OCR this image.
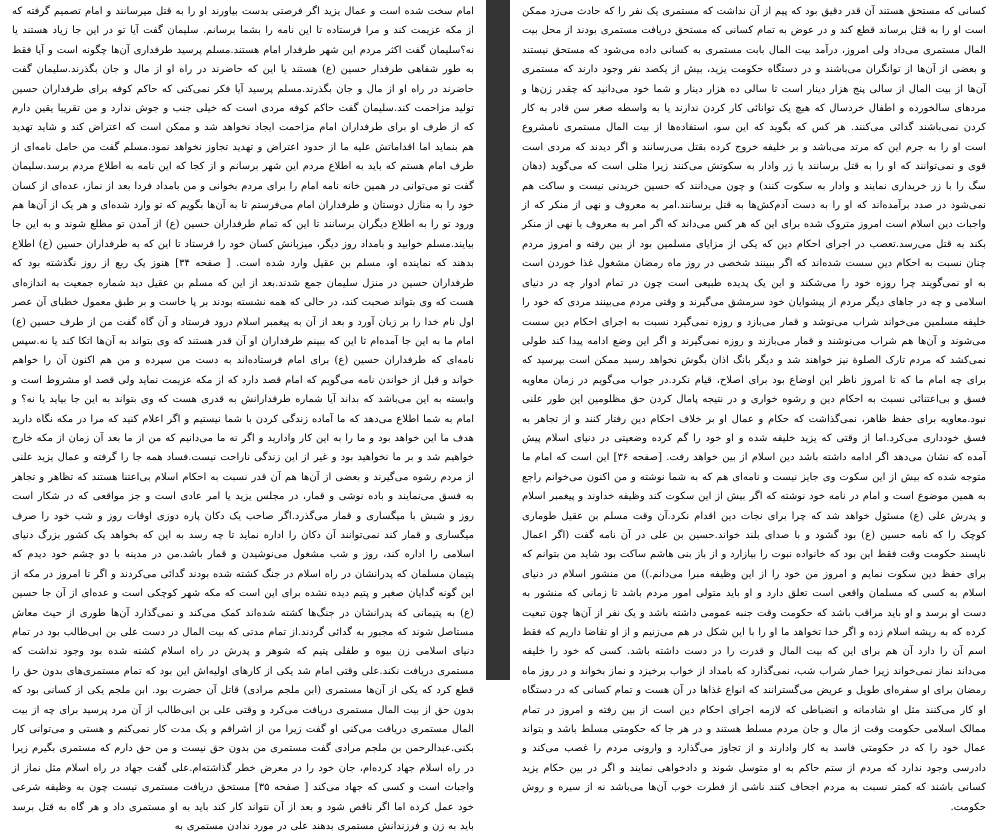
امام سخت شده است و عمال یزید اگر فرصتی بدست بیاورند او را به قتل میرسانند و امام تصمیم گرفته که از مکه عزیمت کند و مرا فرستاده تا این نامه را بشما برسانم. سلیمان گفت آیا تو در این جا زیاد هستند یا نه؟سلیمان گفت اکثر مردم این شهر طرفدار امام هستند.مسلم پرسید طرفداری آن‌ها چگونه است و آیا فقط به طور شفاهی طرفدار حسین (ع) هستند یا این که حاضرند در راه او از مال و جان بگذرند.سلیمان گفت حاضرند در راه او از مال و جان بگذرند.مسلم پرسید آیا فکر نمی‌کنی که حاکم کوفه برای طرفداران حسین تولید مزاحمت کند.سلیمان گفت حاکم کوفه مردی است که خیلی جنب و جوش ندارد و من تقریبا یقین دارم که از طرف او برای طرفداران امام مزاحمت ایجاد نخواهد شد و ممکن است که اعتراض کند و شاید تهدید هم بنماید اما اقداماتش علیه ما از حدود اعتراض و تهدید تجاوز نخواهد نمود.مسلم گفت من حامل نامه‌ای از طرف امام هستم که باید به اطلاع مردم این شهر برسانم و از کجا که این نامه به اطلاع مردم برسد.سلیمان گفت تو می‌توانی در همین خانه نامه امام را برای مردم بخوانی و من بامداد فردا بعد از نماز، عده‌ای از کسان خود را به منازل دوستان و طرفداران امام می‌فرستم تا به آن‌ها بگویم که تو وارد شده‌ای و هر یک از آن‌ها هم ورود تو را به اطلاع دیگران برسانند تا این که تمام طرفداران حسین (ع) از آمدن تو مطلع شوند و به این جا بیایند.مسلم خوابید و بامداد روز دیگر، میزبانش کسان خود را فرستاد تا این که به طرفداران حسین (ع) اطلاع بدهند که نماینده او، مسلم بن عقیل وارد شده است. [ صفحه ۳۴] هنوز یک ربع از روز نگذشته بود که طرفداران حسین در منزل سلیمان جمع شدند.بعد از این که مسلم بن عقیل دید شماره جمعیت به اندازه‌ای هست که وی بتواند صحبت کند، در حالی که همه نشسته بودند بر پا خاست و بر طبق معمول خطبای آن عصر اول نام خدا را بر زبان آورد و بعد از آن به پیغمبر اسلام درود فرستاد و آن گاه گفت من از طرف حسین (ع) امام ما به این جا آمده‌ام تا این که ببینم طرفداران او آن قدر هستند که وی بتواند به آن‌ها اتکا کند یا نه.سپس نامه‌ای که طرفداران حسین (ع) برای امام فرستاده‌اند به دست من سپرده و من هم اکنون آن را خواهم خواند و قبل از خواندن نامه می‌گویم که امام قصد دارد که از مکه عزیمت نماید ولی قصد او مشروط است و وابسته به این می‌باشد که بداند آیا شماره طرفدارانش به قدری هست که وی بتواند به این جا بیاید یا نه؟ و امام به شما اطلاع می‌دهد که ما آماده زندگی کردن با شما نیستیم و اگر اعلام کنید که مرا در مکه نگاه دارید هدف ما این خواهد بود و ما را به این کار وادارید و اگر نه ما می‌دانیم که من از ما بعد آن زمان از مکه خارج خواهیم شد و بر ما نخواهید بود و غیر از این زندگی ناراحت نیست.فساد همه جا را گرفته و عمال یزید علنی از مردم رشوه می‌گیرند و بعضی از آن‌ها هم آن قدر نسبت به احکام اسلام بی‌اعتنا هستند که تظاهر و تجاهر به فسق می‌نمایند و باده نوشی و قمار، در مجلس یزید یا امر عادی است و جز مواقعی که در شکار است روز و شبش با میگساری و قمار می‌گذرد.اگر صاحب یک دکان پاره دوزی اوقات روز و شب خود را صرف میگساری و قمار کند نمی‌توانند آن دکان را اداره نماید تا چه رسد به این که بخواهد یک کشور بزرگ دنیای اسلامی را اداره کند، روز و شب مشغول می‌نوشیدن و قمار باشد.من در مدینه با دو چشم خود دیدم که پتیمان مسلمان که پدرانشان در راه اسلام در جنگ کشته شده بودند گدائی می‌کردند و اگر تا امروز در مکه از این گونه گدایان صغیر و پتیم دیده نشده برای این است که مکه شهر کوچکی است و عده‌ای از آن جا حسین (ع) به پتیمانی که پدرانشان در جنگ‌ها کشته شده‌اند کمک می‌کند و نمی‌گذارد آن‌ها طوری از حیث معاش مستاصل شوند که مجبور به گدائی گردند.از تمام مدتی که بیت المال در دست علی بن ابی‌طالب بود در تمام دنیای اسلامی زن بیوه و طفلی پتیم که شوهر و پدرش در راه اسلام کشته شده بود وجود نداشت که مستمری دریافت نکند.علی وقتی امام شد یکی از کارهای اولیه‌اش این بود که تمام مستمری‌های بدون حق را قطع کرد که یکی از آن‌ها مستمری (ابن ملجم مرادی) قاتل آن حضرت بود. ابن ملجم یکی از کسانی بود که بدون حق از بیت المال مستمری دریافت می‌کرد و وقتی علی بن ابی‌طالب از آن مرد پرسید برای چه از بیت المال مستمری دریافت می‌کنی او گفت زیرا من از اشرافم و یک مدت کار نمی‌کنم و هستی و می‌توانی کار بکنی.عبدالرحمن بن ملجم مرادی گفت مستمری من بدون حق نیست و من حق دارم که مستمری بگیرم زیرا در راه اسلام جهاد کرده‌ام، جان خود را در معرض خطر گذاشته‌ام.علی گفت جهاد در راه اسلام مثل نماز از واجبات است و کسی که جهاد می‌کند [ صفحه ۳۵] مستحق دریافت مستمری نیست چون به وظیفه شرعی خود عمل کرده اما اگر ناقص شود و بعد از آن نتواند کار کند باید به او مستمری داد و هر گاه به قتل برسد باید به زن و فرزندانش مستمری بدهند علی در مورد ندادن مستمری به

کسانی که مستحق هستند آن قدر دقیق بود که پیم از آن نداشت که مستمری یک نفر را که حادث می‌زد ممکن است او را به قتل برساند قطع کند و در عوض به تمام کسانی که مستحق دریافت مستمری بودند از محل بیت المال مستمری می‌داد ولی امروز، درآمد بیت المال بابت مستمری به کسانی داده می‌شود که مستحق نیستند و بعضی از آن‌ها از توانگران می‌باشند و در دستگاه حکومت یزید، بیش از یکصد نفر وجود دارند که مستمری آن‌ها از بیت المال از سالی پنج هزار دینار است تا سالی ده هزار دینار و شما خود می‌دانید که چقدر زن‌ها و مردهای سالخورده و اطفال خردسال که هیچ یک توانائی کار کردن ندارند یا به واسطه صغر سن قادر به کار کردن نمی‌باشند گدائی می‌کنند. هر کس که بگوید که این سو، استفاده‌ها از بیت المال مستمری نامشروع است او را به جرم این که مرتد می‌باشد و بر خلیفه خروج کرده بقتل می‌رسانند و اگر دیدند که مردی است قوی و نمی‌توانند که او را به قتل برسانند یا زر وادار به سکوتش می‌کنند زیرا مثلی است که می‌گوید (دهان سگ را با زر خریداری نمایند و وادار به سکوت کنند) و چون می‌دانند که حسین خریدنی نیست و ساکت هم نمی‌شود در صدد برآمده‌اند که او را به دست آدم‌کش‌ها به قتل برسانند.امر به معروف و نهی از منکر که از واجبات دین اسلام است امروز متروک شده برای این که هر کس می‌داند که اگر امر به معروف یا نهی از منکر بکند به قتل می‌رسد.تعصب در اجرای احکام دین که یکی از مزایای مسلمین بود از بین رفته و امروز مردم چنان نسبت به احکام دین سست شده‌اند که اگر ببینند شخصی در روز ماه رمضان مشغول غذا خوردن است به او نمی‌گویند چرا روزه خود را می‌شکند و این یک پدیده طبیعی است چون در تمام ادوار چه در دنیای اسلامی و چه در جاهای دیگر مردم از پیشوایان خود سرمشق می‌گیرند و وقتی مردم می‌بینند مردی که خود را خلیفه مسلمین می‌خواند شراب می‌نوشد و قمار می‌بازد و روزه نمی‌گیرد نسبت به اجرای احکام دین سست می‌شوند و آن‌ها هم شراب می‌نوشند و قمار می‌بازند و روزه نمی‌گیرند و اگر این وضع ادامه پیدا کند طولی نمی‌کشد که مردم تارک الصلوة نیز خواهند شد و دیگر بانگ اذان بگوش نخواهد رسید ممکن است بپرسید که برای چه امام ما که تا امروز ناظر این اوضاع بود برای اصلاح، قیام نکرد.در جواب می‌گویم در زمان معاویه فسق و بی‌اعتنائی نسبت به احکام دین و رشوه خواری و در نتیجه پامال کردن حق مظلومین این طور علنی نبود.معاویه برای حفظ ظاهر، نمی‌گذاشت که حکام و عمال او بر خلاف احکام دین رفتار کنند و از تجاهر به فسق خودداری می‌کرد.اما از وقتی که یزید خلیفه شده و او خود را گم کرده وضعیتی در دنیای اسلام پیش آمده که نشان می‌دهد اگر ادامه داشته باشد دین اسلام از بین خواهد رفت. [صفحه ۳۶] این است که امام ما متوجه شده که بیش از این سکوت وی جایز نیست و نامه‌ای هم که به شما نوشته و من اکنون می‌خوانم راجع به همین موضوع است و امام در نامه خود نوشته که اگر بیش از این سکوت کند وظیفه خداوند و پیغمبر اسلام و پدرش علی (ع) مسئول خواهد شد که چرا برای نجات دین اقدام نکرد.آن وقت مسلم بن عقیل طوماری کوچک را که نامه حسین (ع) بود گشود و با صدای بلند خواند.حسین بن علی در آن نامه گفت (اگر اعمال ناپسند حکومت وقت فقط این بود که خانواده نبوت را بیازارد و از باز بنی هاشم ساکت بود شاید من بتوانم که برای حفظ دین سکوت نمایم و امروز من خود را از این وظیفه مبرا می‌دانم.)) من منشور اسلام در دنیای اسلام به کسی که مسلمان واقعی است تعلق دارد و او باید متولی امور مردم باشد تا زمانی که منشور به دست او برسد و او باید مراقب باشد که حکومت وقت جنبه عمومی داشته باشد و یک نفر از آن‌ها چون تبعیت کرده که به ریشه اسلام زده و اگر خدا تخواهد ما او را با این شکل در هم می‌زنیم و از او تقاضا داریم که فقط اسم آن را دارد آن هم برای این که بیت المال و قدرت را در دست داشته باشد. کسی که خود را خلیفه می‌داند نماز نمی‌خواند زیرا خمار شراب شب، نمی‌گذارد که بامداد از خواب برخیزد و نماز بخواند و در روز ماه رمضان برای او سفره‌ای طویل و عریض می‌گسترانند که انواع غذاها در آن هست و تمام کسانی که در دستگاه او کار می‌کنند مثل او شادمانه و انضباطی که لازمه اجرای احکام دین است از بین رفته و امروز در تمام ممالک اسلامی حکومت وقت از مال و جان مردم مسلط هستند و در هر جا که حکومتی مسلط باشد و بتواند عمال خود را که در حکومتی فاسد به کار وادارند و از تجاوز می‌گذارد و وارونی مردم را غصب می‌کند و دادرسی وجود ندارد که مردم از ستم حاکم به او متوسل شوند و دادخواهی نمایند و اگر در بین حکام یزید کسانی باشند که کمتر نسبت به مردم اجحاف کنند ناشی از فطرت خوب آن‌ها می‌باشد نه از سیره و روش حکومت.
